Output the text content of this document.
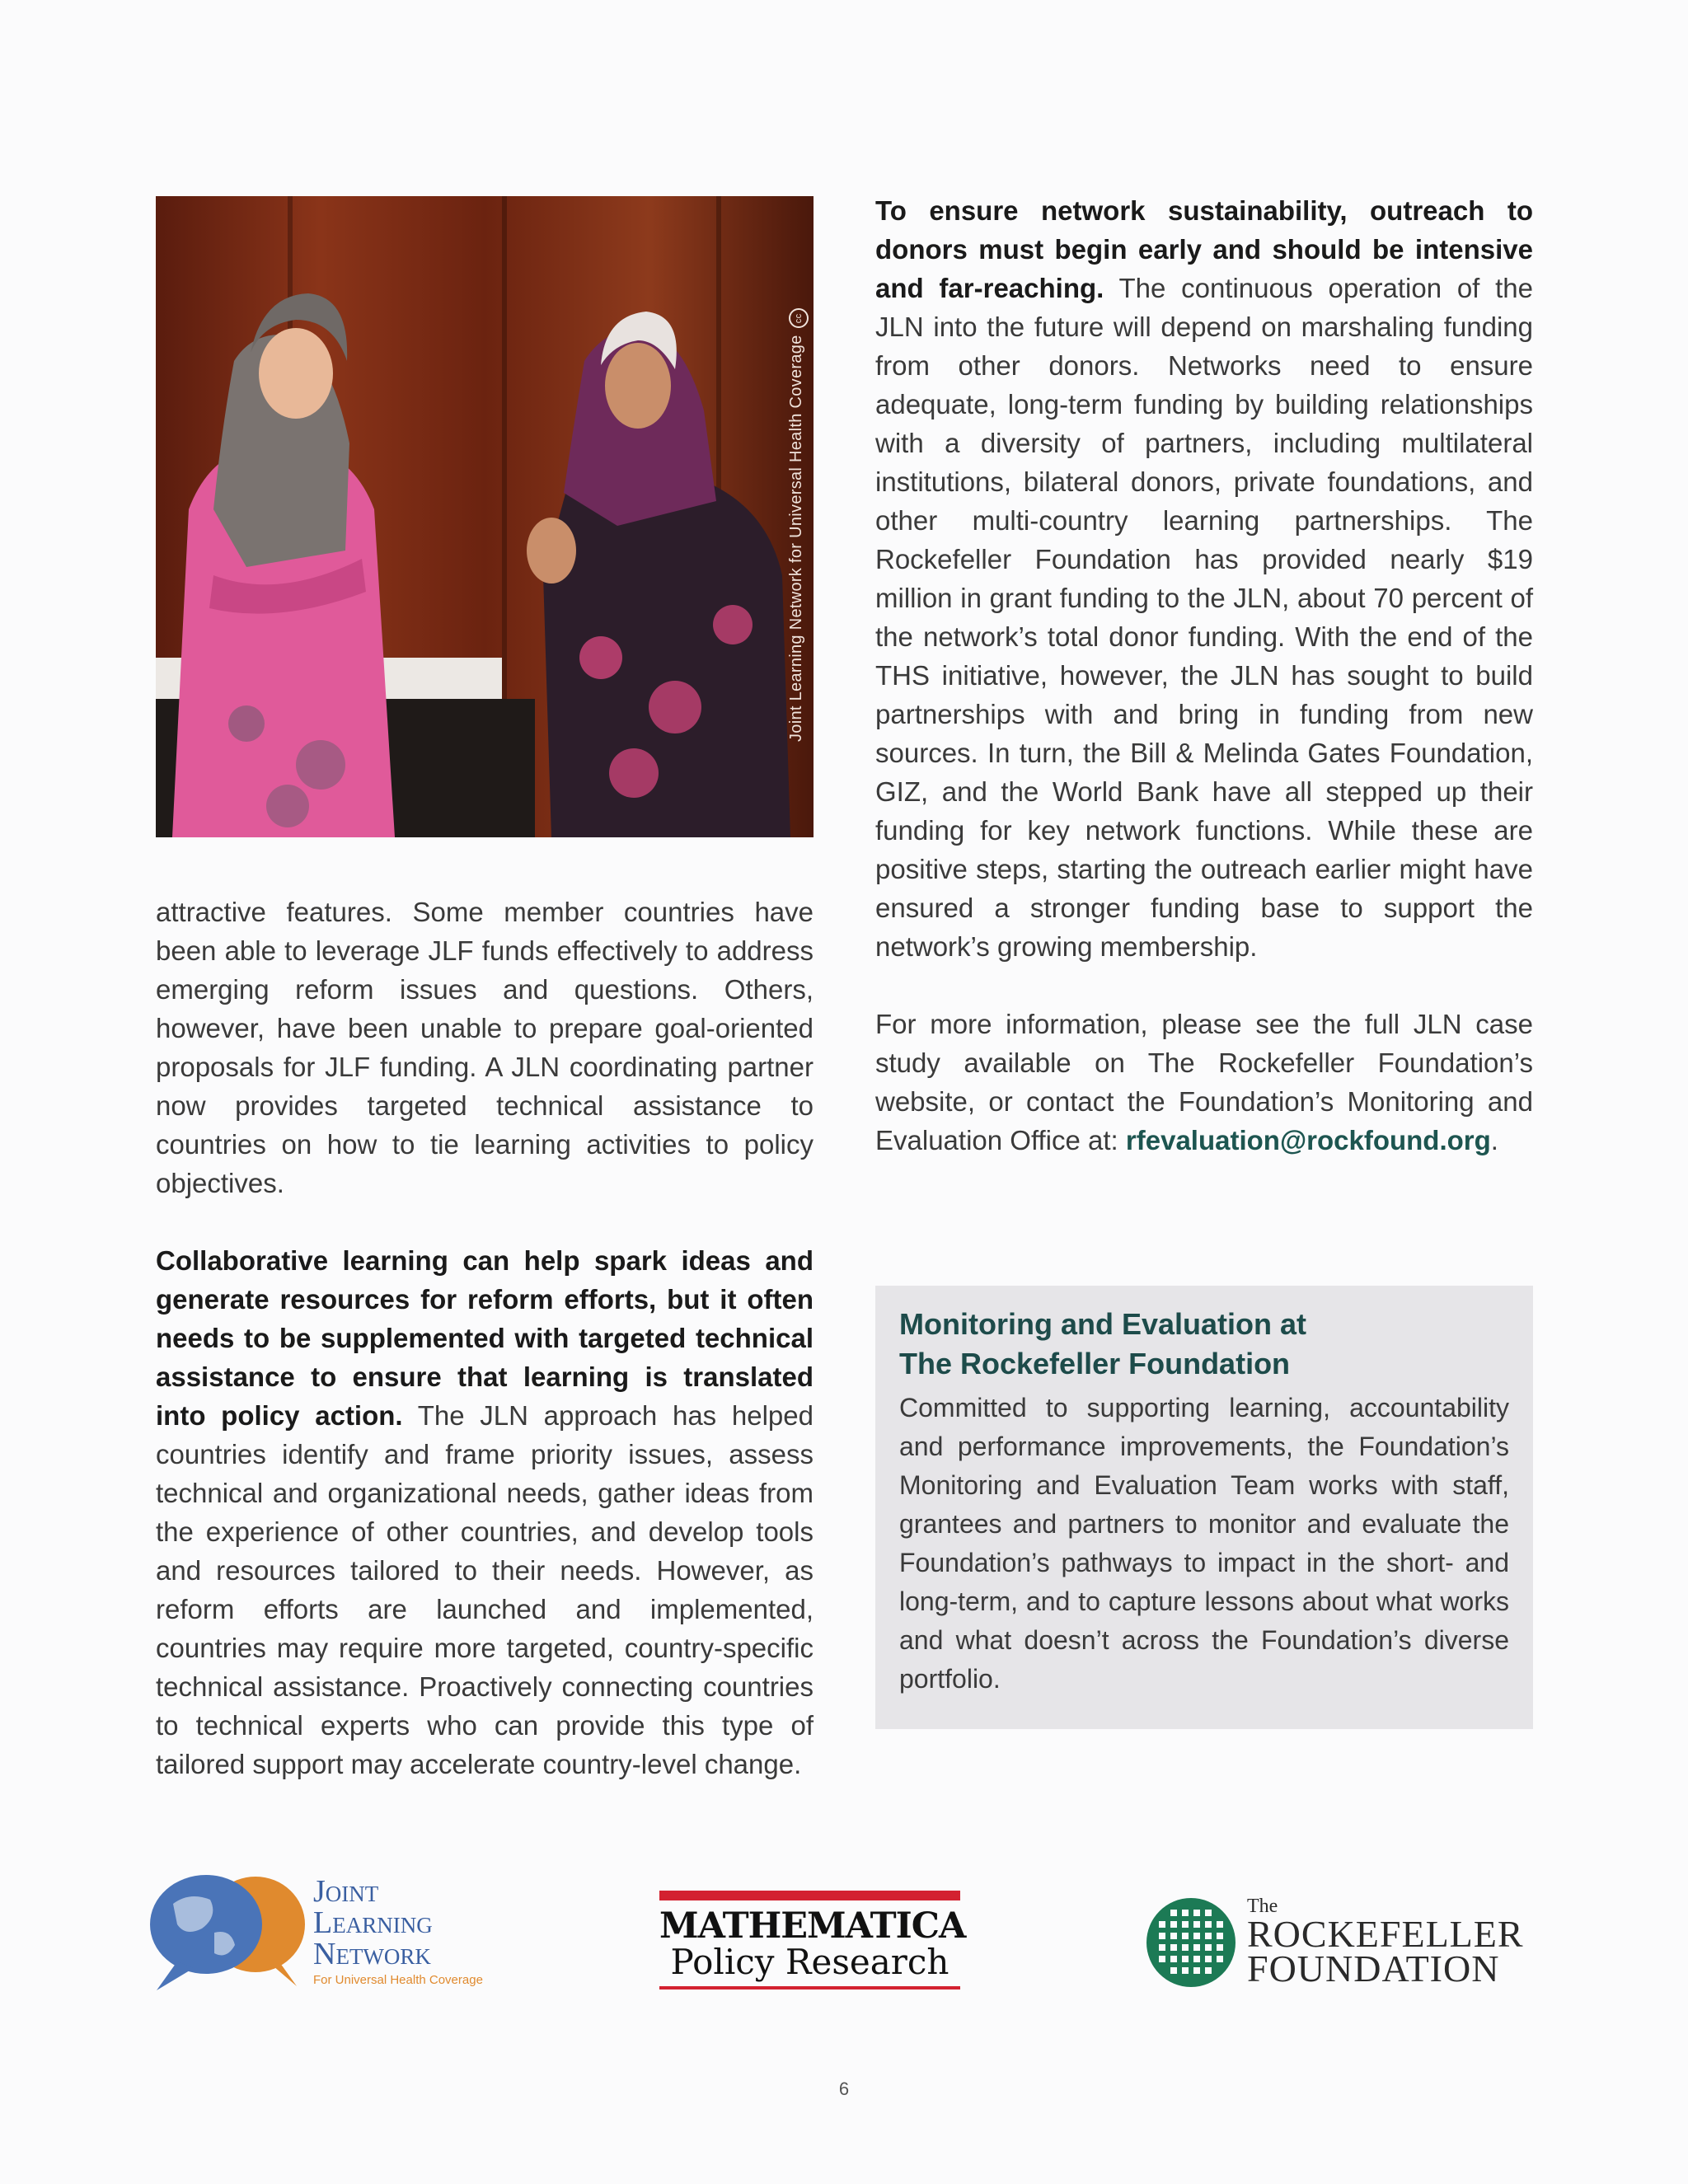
Joint Learning Network for Universal Health Coveragecc

attractive features. Some member countries have been able to leverage JLF funds effectively to address emerging reform issues and questions. Others, however, have been unable to prepare goal-oriented proposals for JLF funding. A JLN coordinating partner now provides targeted technical assistance to countries on how to tie learning activities to policy objectives.

Collaborative learning can help spark ideas and generate resources for reform efforts, but it often needs to be supplemented with targeted technical assistance to ensure that learning is translated into policy action. The JLN approach has helped countries identify and frame priority issues, assess technical and organizational needs, gather ideas from the experience of other countries, and develop tools and resources tailored to their needs. However, as reform efforts are launched and implemented, countries may require more targeted, country-specific technical assistance. Proactively connecting countries to technical experts who can provide this type of tailored support may accelerate country-level change.

To ensure network sustainability, outreach to donors must begin early and should be intensive and far-reaching. The continuous operation of the JLN into the future will depend on marshaling funding from other donors. Networks need to ensure adequate, long-term funding by building relationships with a diversity of partners, including multilateral institutions, bilateral donors, private foundations, and other multi-country learning partnerships. The Rockefeller Foundation has provided nearly $19 million in grant funding to the JLN, about 70 percent of the network’s total donor funding. With the end of the THS initiative, however, the JLN has sought to build partnerships with and bring in funding from new sources. In turn, the Bill & Melinda Gates Foundation, GIZ, and the World Bank have all stepped up their funding for key network functions. While these are positive steps, starting the outreach earlier might have ensured a stronger funding base to support the network’s growing membership.

For more information, please see the full JLN case study available on The Rockefeller Foundation’s website, or contact the Foundation’s Monitoring and Evaluation Office at: rfevaluation@rockfound.org.

Monitoring and Evaluation at
The Rockefeller Foundation

Committed to supporting learning, accountability and performance improvements, the Foundation’s Monitoring and Evaluation Team works with staff, grantees and partners to monitor and evaluate the Foundation’s pathways to impact in the short- and long-term, and to capture lessons about what works and what doesn’t across the Foundation’s diverse portfolio.

Joint
Learning
Network
For Universal Health Coverage
MATHEMATICA
Policy Research
The
ROCKEFELLER
FOUNDATION
6
